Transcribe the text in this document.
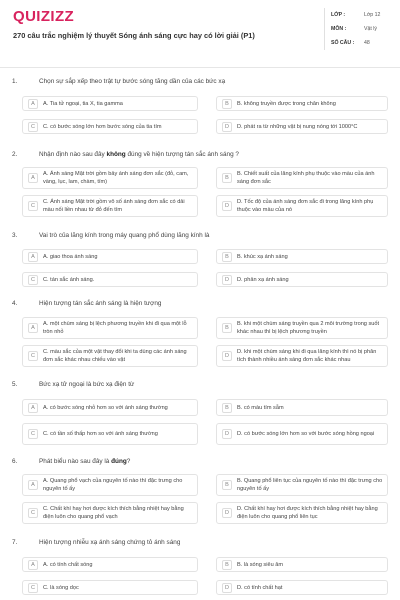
QUIZIZZ
270 câu trắc nghiệm lý thuyết Sóng ánh sáng cực hay có lời giải (P1)
LỚP :	Lớp 12
MÔN :	Vật lý
SỐ CÂU : 48
1.	Chọn sự sắp xếp theo trật tự bước sóng tăng dần của các bức xạ
A	A. Tia tử ngoại, tia X, tia gamma	B	B. không truyền được trong chân không
C	C. có bước sóng lớn hơn bước sóng của tia tím	D	D. phát ra từ những vật bị nung nóng tới 1000°C
2.	Nhận định nào sau đây không đúng về hiện tượng tán sắc ánh sáng ?
A
A. Ánh sáng Mặt trời gồm bảy ánh sáng đơn sắc (đỏ, cam, vàng, lục, lam, chàm, tím)
B
B. Chiết suất của lăng kính phụ thuộc vào màu của ánh sáng đơn sắc
C
C. Ánh sáng Mặt trời gồm vô số ánh sáng đơn sắc có dải màu nối liền nhau từ đỏ đến tím
D
D. Tốc độ của ánh sáng đơn sắc đi trong lăng kính phụ thuộc vào màu của nó
3.	Vai trò của lăng kính trong máy quang phổ dùng lăng kính là
A	A. giao thoa ánh sáng	B	B. khúc xạ ánh sáng
C	C. tán sắc ánh sáng.	D	D. phản xạ ánh sáng
4.	Hiện tượng tán sắc ánh sáng là hiện tượng
A
A. một chùm sáng bị lệch phương truyền khi đi qua một lỗ tròn nhỏ
B
B. khi một chùm sáng truyền qua 2 môi trường trong suốt khác nhau thì bị lệch phương truyền
C
C. màu sắc của một vật thay đổi khi ta dùng các ánh sáng đơn sắc khác nhau chiếu vào vật
D
D. khi một chùm sáng khi đi qua lăng kính thì nó bị phân tích thành nhiều ánh sáng đơn sắc khác nhau
5.	Bức xạ tử ngoại là bức xạ điện từ
A	A. có bước sóng nhỏ hơn so với ánh sáng thường	B	B. có màu tím sẫm
C	C. có tần số thấp hơn so với ánh sáng thường	D	D. có bước sóng lớn hơn so với bước sóng hồng ngoại
6.	Phát biểu nào sau đây là đúng?
A
A. Quang phổ vạch của nguyên tố nào thì đặc trưng cho nguyên tố ấy
B
B. Quang phổ liên tục của nguyên tố nào thì đặc trưng cho nguyên tố ấy
C
C. Chất khí hay hơi được kích thích bằng nhiệt hay bằng điện luôn cho quang phổ vạch
D
D. Chất khí hay hơi được kích thích bằng nhiệt hay bằng điện luôn cho quang phổ liên tục
7.	Hiện tượng nhiễu xạ ánh sáng chứng tỏ ánh sáng
A	A. có tính chất sóng	B	B. là sóng siêu âm
C	C. là sóng dọc	D	D. có tính chất hạt
